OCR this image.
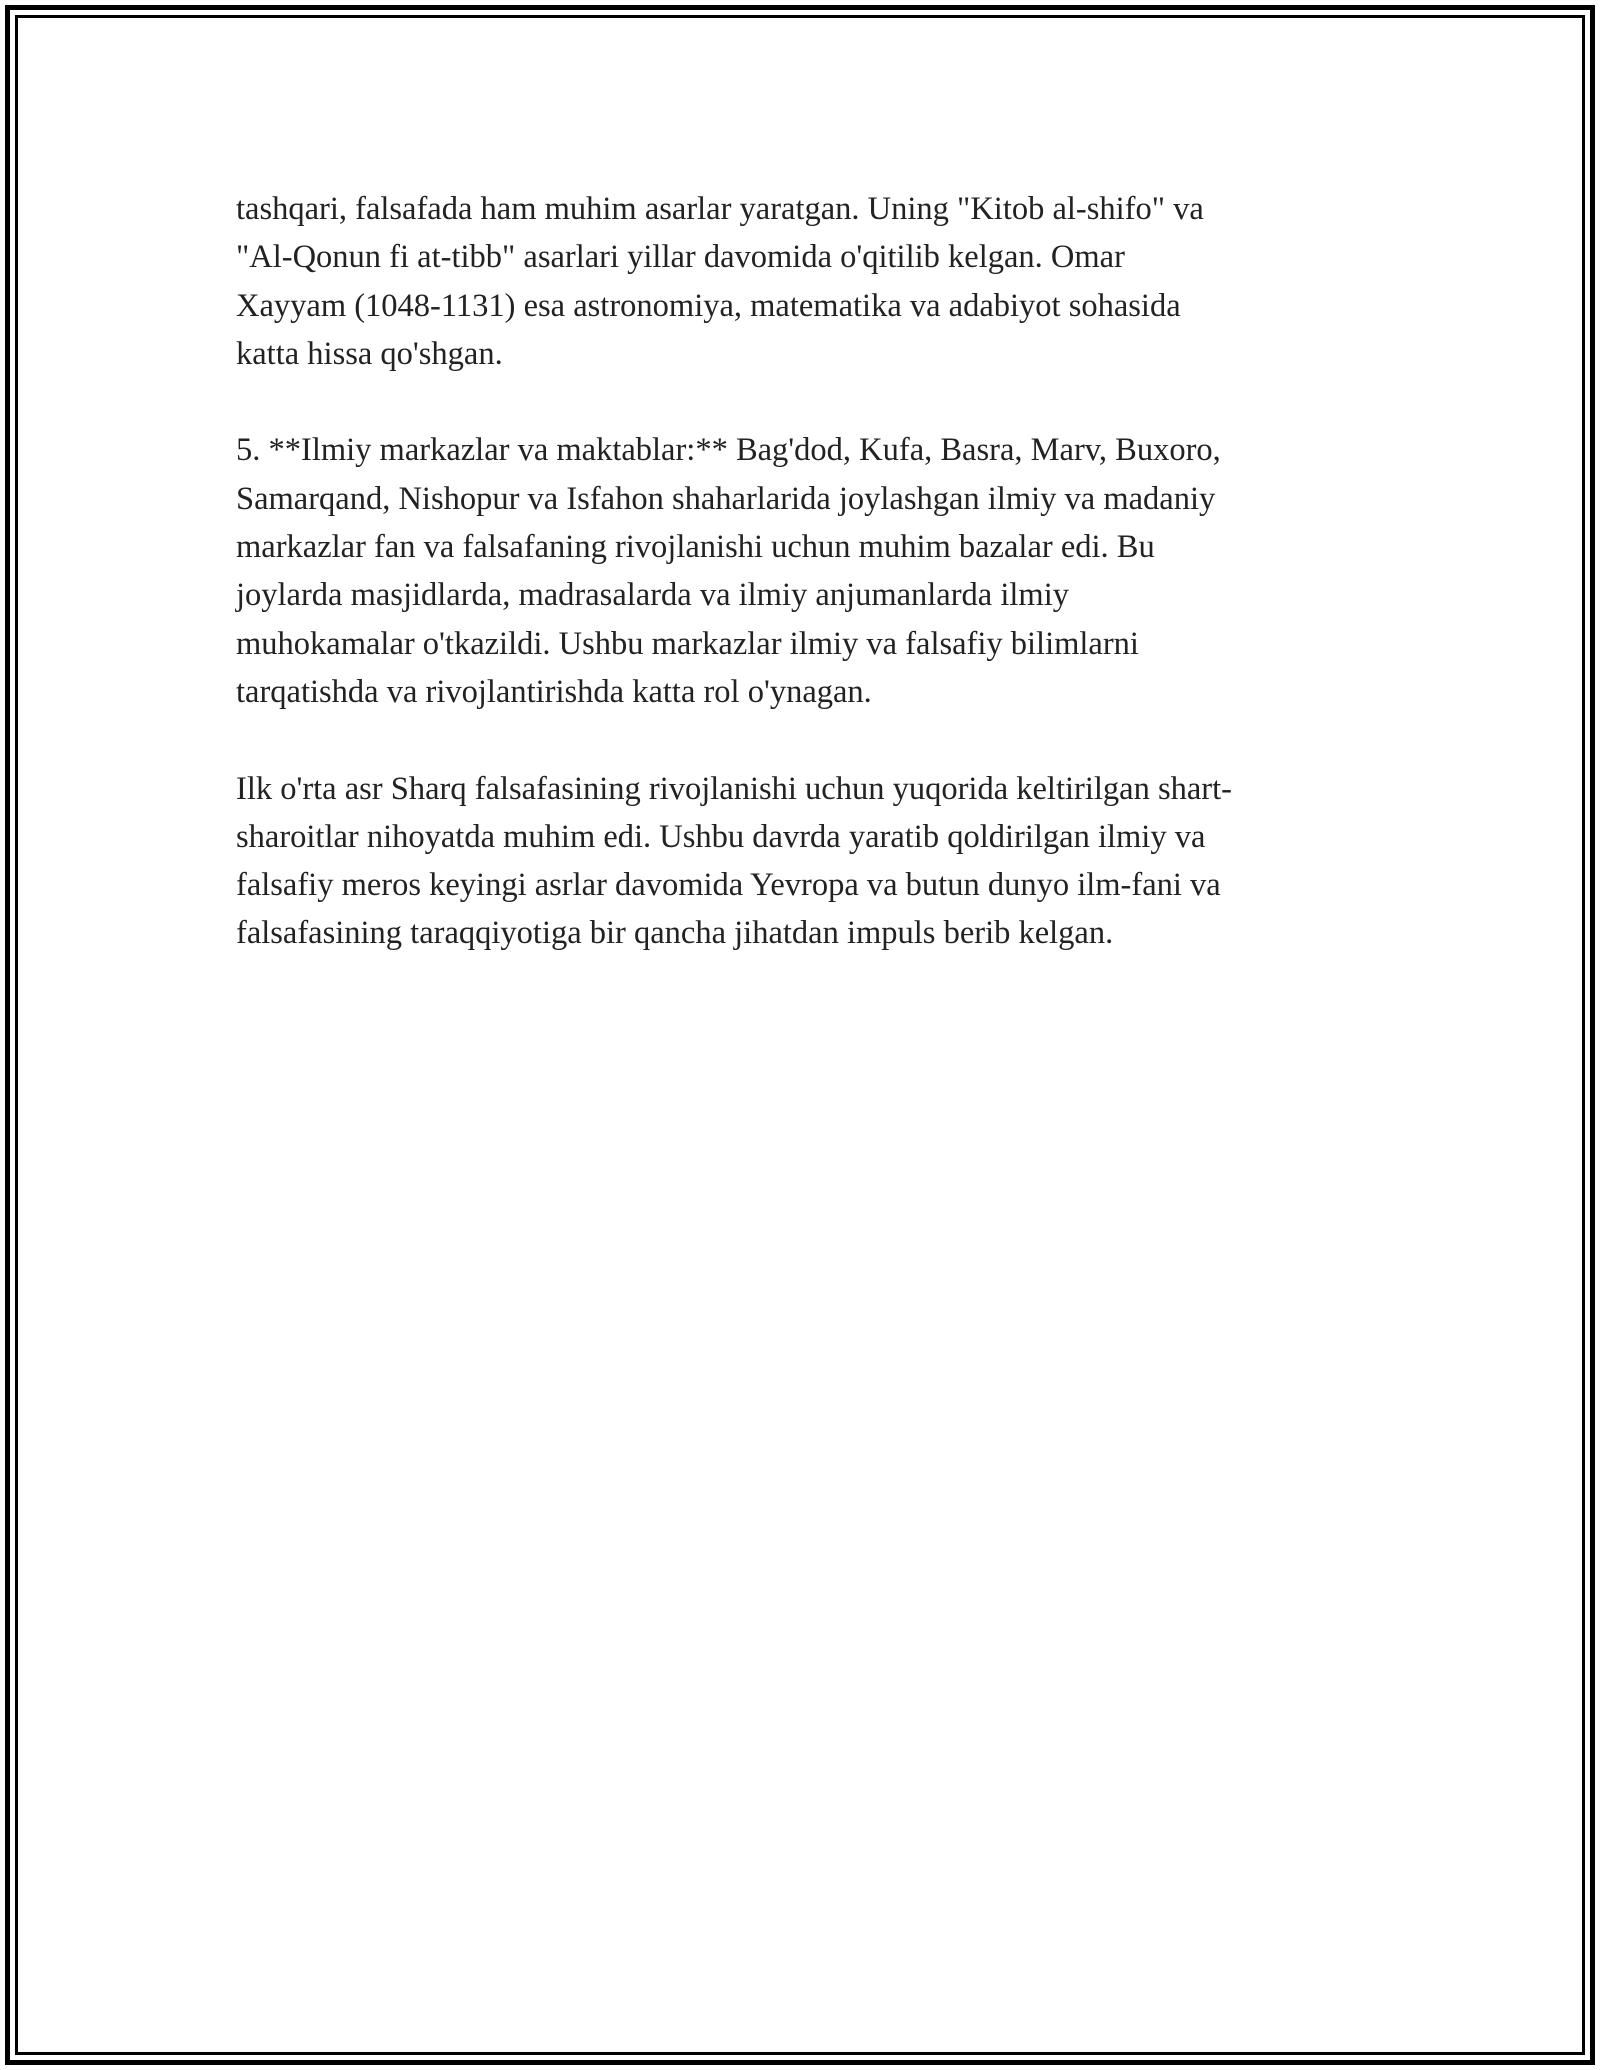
tashqari, falsafada ham muhim asarlar yaratgan. Uning "Kitob al-shifo" va
"Al-Qonun fi at-tibb" asarlari yillar davomida o'qitilib kelgan. Omar
Xayyam (1048-1131) esa astronomiya, matematika va adabiyot sohasida
katta hissa qo'shgan.

5. **Ilmiy markazlar va maktablar:** Bag'dod, Kufa, Basra, Marv, Buxoro,
Samarqand, Nishopur va Isfahon shaharlarida joylashgan ilmiy va madaniy
markazlar fan va falsafaning rivojlanishi uchun muhim bazalar edi. Bu
joylarda masjidlarda, madrasalarda va ilmiy anjumanlarda ilmiy
muhokamalar o'tkazildi. Ushbu markazlar ilmiy va falsafiy bilimlarni
tarqatishda va rivojlantirishda katta rol o'ynagan.

Ilk o'rta asr Sharq falsafasining rivojlanishi uchun yuqorida keltirilgan shart-
sharoitlar nihoyatda muhim edi. Ushbu davrda yaratib qoldirilgan ilmiy va
falsafiy meros keyingi asrlar davomida Yevropa va butun dunyo ilm-fani va
falsafasining taraqqiyotiga bir qancha jihatdan impuls berib kelgan.
